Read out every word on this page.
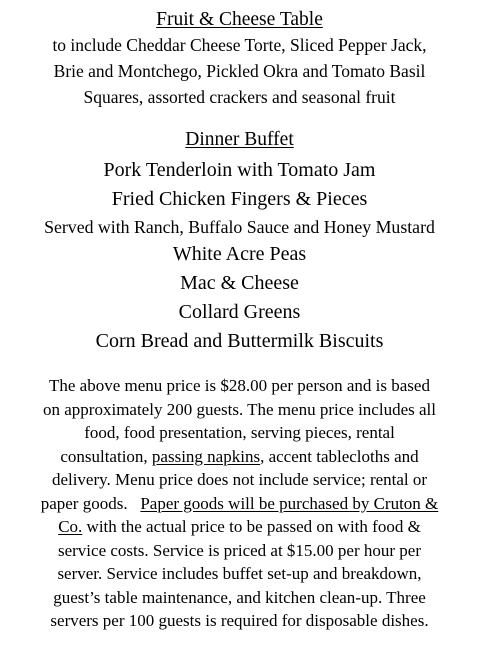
Fruit & Cheese Table

to include Cheddar Cheese Torte, Sliced Pepper Jack,
Brie and Montchego, Pickled Okra and Tomato Basil
Squares, assorted crackers and seasonal fruit

Dinner Buffet
Pork Tenderloin with Tomato Jam
Fried Chicken Fingers & Pieces
Served with Ranch, Buffalo Sauce and Honey Mustard
White Acre Peas
Mac & Cheese
Collard Greens
Corn Bread and Buttermilk Biscuits

The above menu price is $28.00 per person and is based
on approximately 200 guests. The menu price includes all
food, food presentation, serving pieces, rental
consultation, passing napkins, accent tablecloths and
delivery. Menu price does not include service; rental or
paper goods.   Paper goods will be purchased by Cruton &
Co. with the actual price to be passed on with food &
service costs. Service is priced at $15.00 per hour per
server. Service includes buffet set-up and breakdown,
guest’s table maintenance, and kitchen clean-up. Three
servers per 100 guests is required for disposable dishes.
